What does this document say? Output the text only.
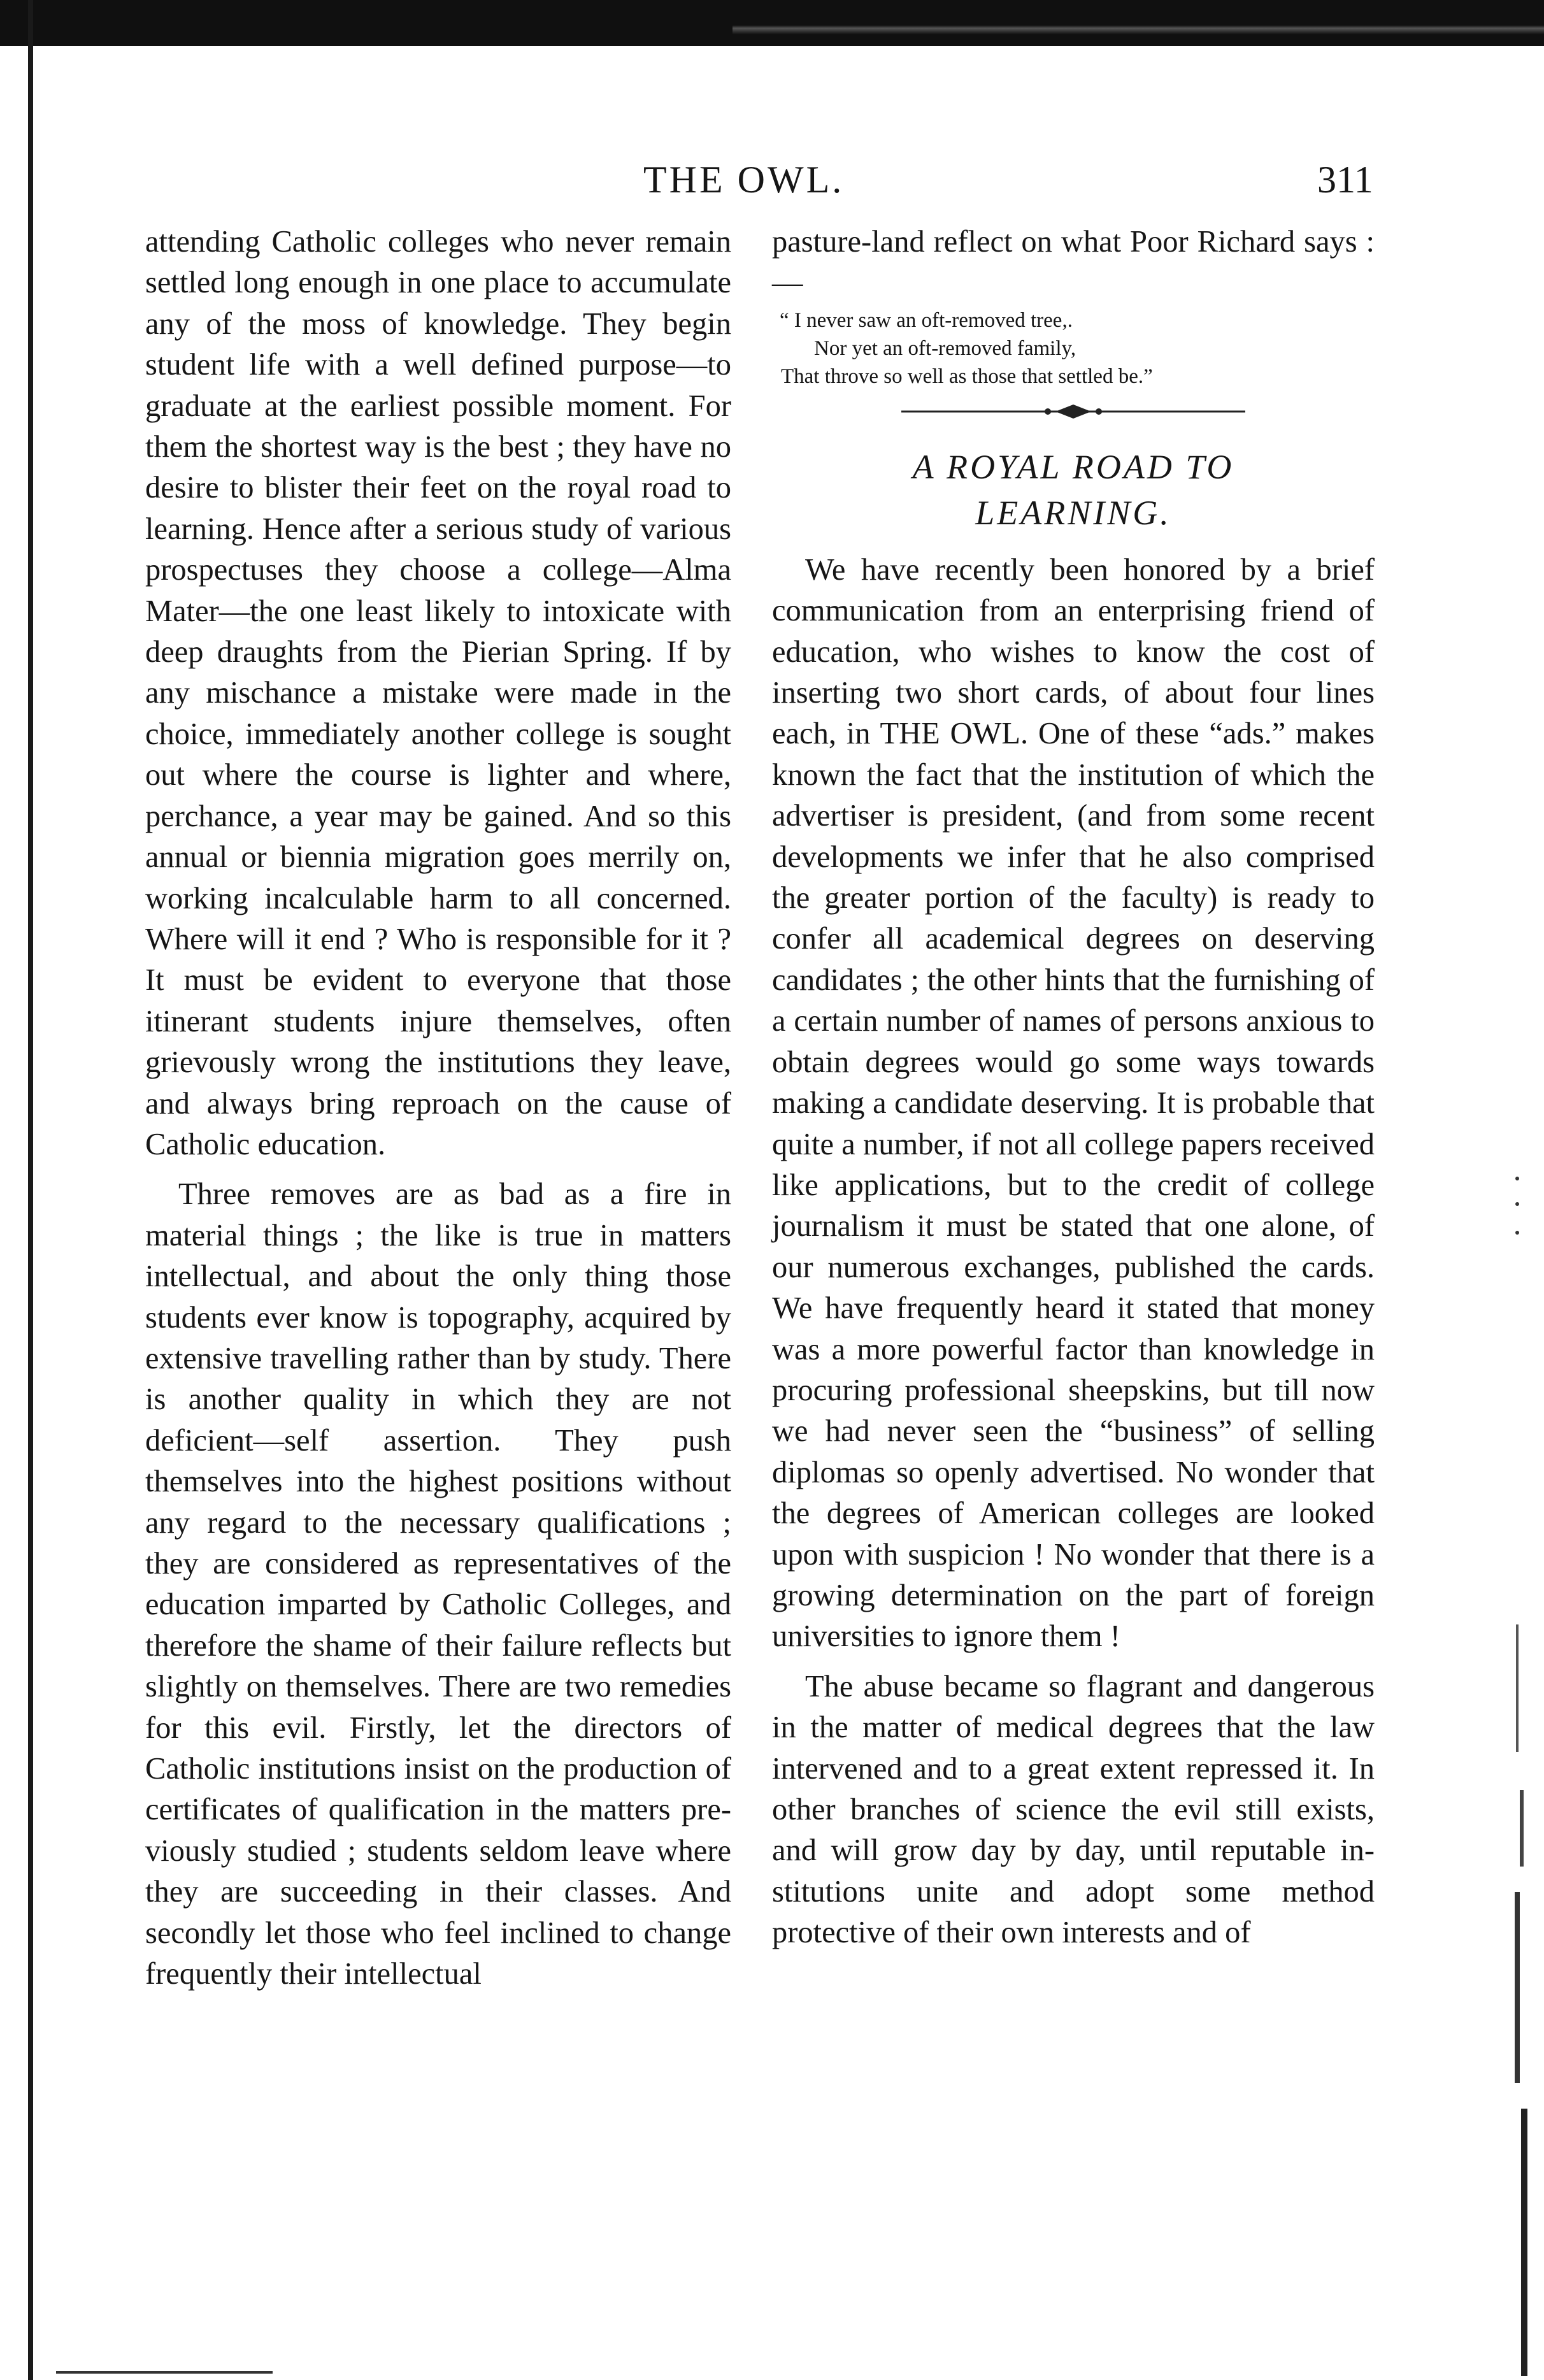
THE OWL.	311

attending Catholic colleges who never remain settled long enough in one place to accumulate any of the moss of knowledge. They begin student life with a well defined purpose—to graduate at the earliest possible moment. For them the shortest way is the best ; they have no desire to blister their feet on the royal road to learning. Hence after a serious study of various prospectuses they choose a college—Alma Mater—the one least likely to intoxicate with deep draughts from the Pierian Spring. If by any mischance a mistake were made in the choice, immediately another college is sought out where the course is lighter and where, perchance, a year may be gained. And so this annual or biennia migration goes merrily on, working incalculable harm to all concerned. Where will it end ? Who is responsible for it ? It must be evident to everyone that those itinerant students injure themselves, often grievously wrong the institutions they leave, and always bring reproach on the cause of Catholic education.

Three removes are as bad as a fire in material things ; the like is true in matters intellectual, and about the only thing those students ever know is topography, acquired by extensive travelling rather than by study. There is another quality in which they are not deficient—self assertion. They push themselves into the highest positions without any regard to the necessary qualifications ; they are considered as representatives of the education imparted by Catholic Colleges, and therefore the shame of their failure reflects but slightly on themselves. There are two remedies for this evil. Firstly, let the directors of Catholic institutions insist on the production of certificates of qualification in the matters previously studied ; students seldom leave where they are succeeding in their classes. And secondly let those who feel inclined to change frequently their intellectual

pasture-land reflect on what Poor Richard says :—

“ I never saw an oft-removed tree,.
Nor yet an oft-removed family,
That throve so well as those that settled be.”
A ROYAL ROAD TO
LEARNING.

We have recently been honored by a brief communication from an enterprising friend of education, who wishes to know the cost of inserting two short cards, of about four lines each, in THE OWL. One of these “ads.” makes known the fact that the institution of which the advertiser is president, (and from some recent developments we infer that he also comprised the greater portion of the faculty) is ready to confer all academical degrees on deserving candidates ; the other hints that the furnishing of a certain number of names of persons anxious to obtain degrees would go some ways towards making a candidate deserving. It is probable that quite a number, if not all college papers received like applications, but to the credit of college journalism it must be stated that one alone, of our numerous exchanges, published the cards. We have frequently heard it stated that money was a more powerful factor than knowledge in procuring professional sheepskins, but till now we had never seen the “business” of selling diplomas so openly advertised. No wonder that the degrees of American colleges are looked upon with suspicion ! No wonder that there is a growing determination on the part of foreign universities to ignore them !

The abuse became so flagrant and dangerous in the matter of medical degrees that the law intervened and to a great extent repressed it. In other branches of science the evil still exists, and will grow day by day, until reputable institutions unite and adopt some method protective of their own interests and of
